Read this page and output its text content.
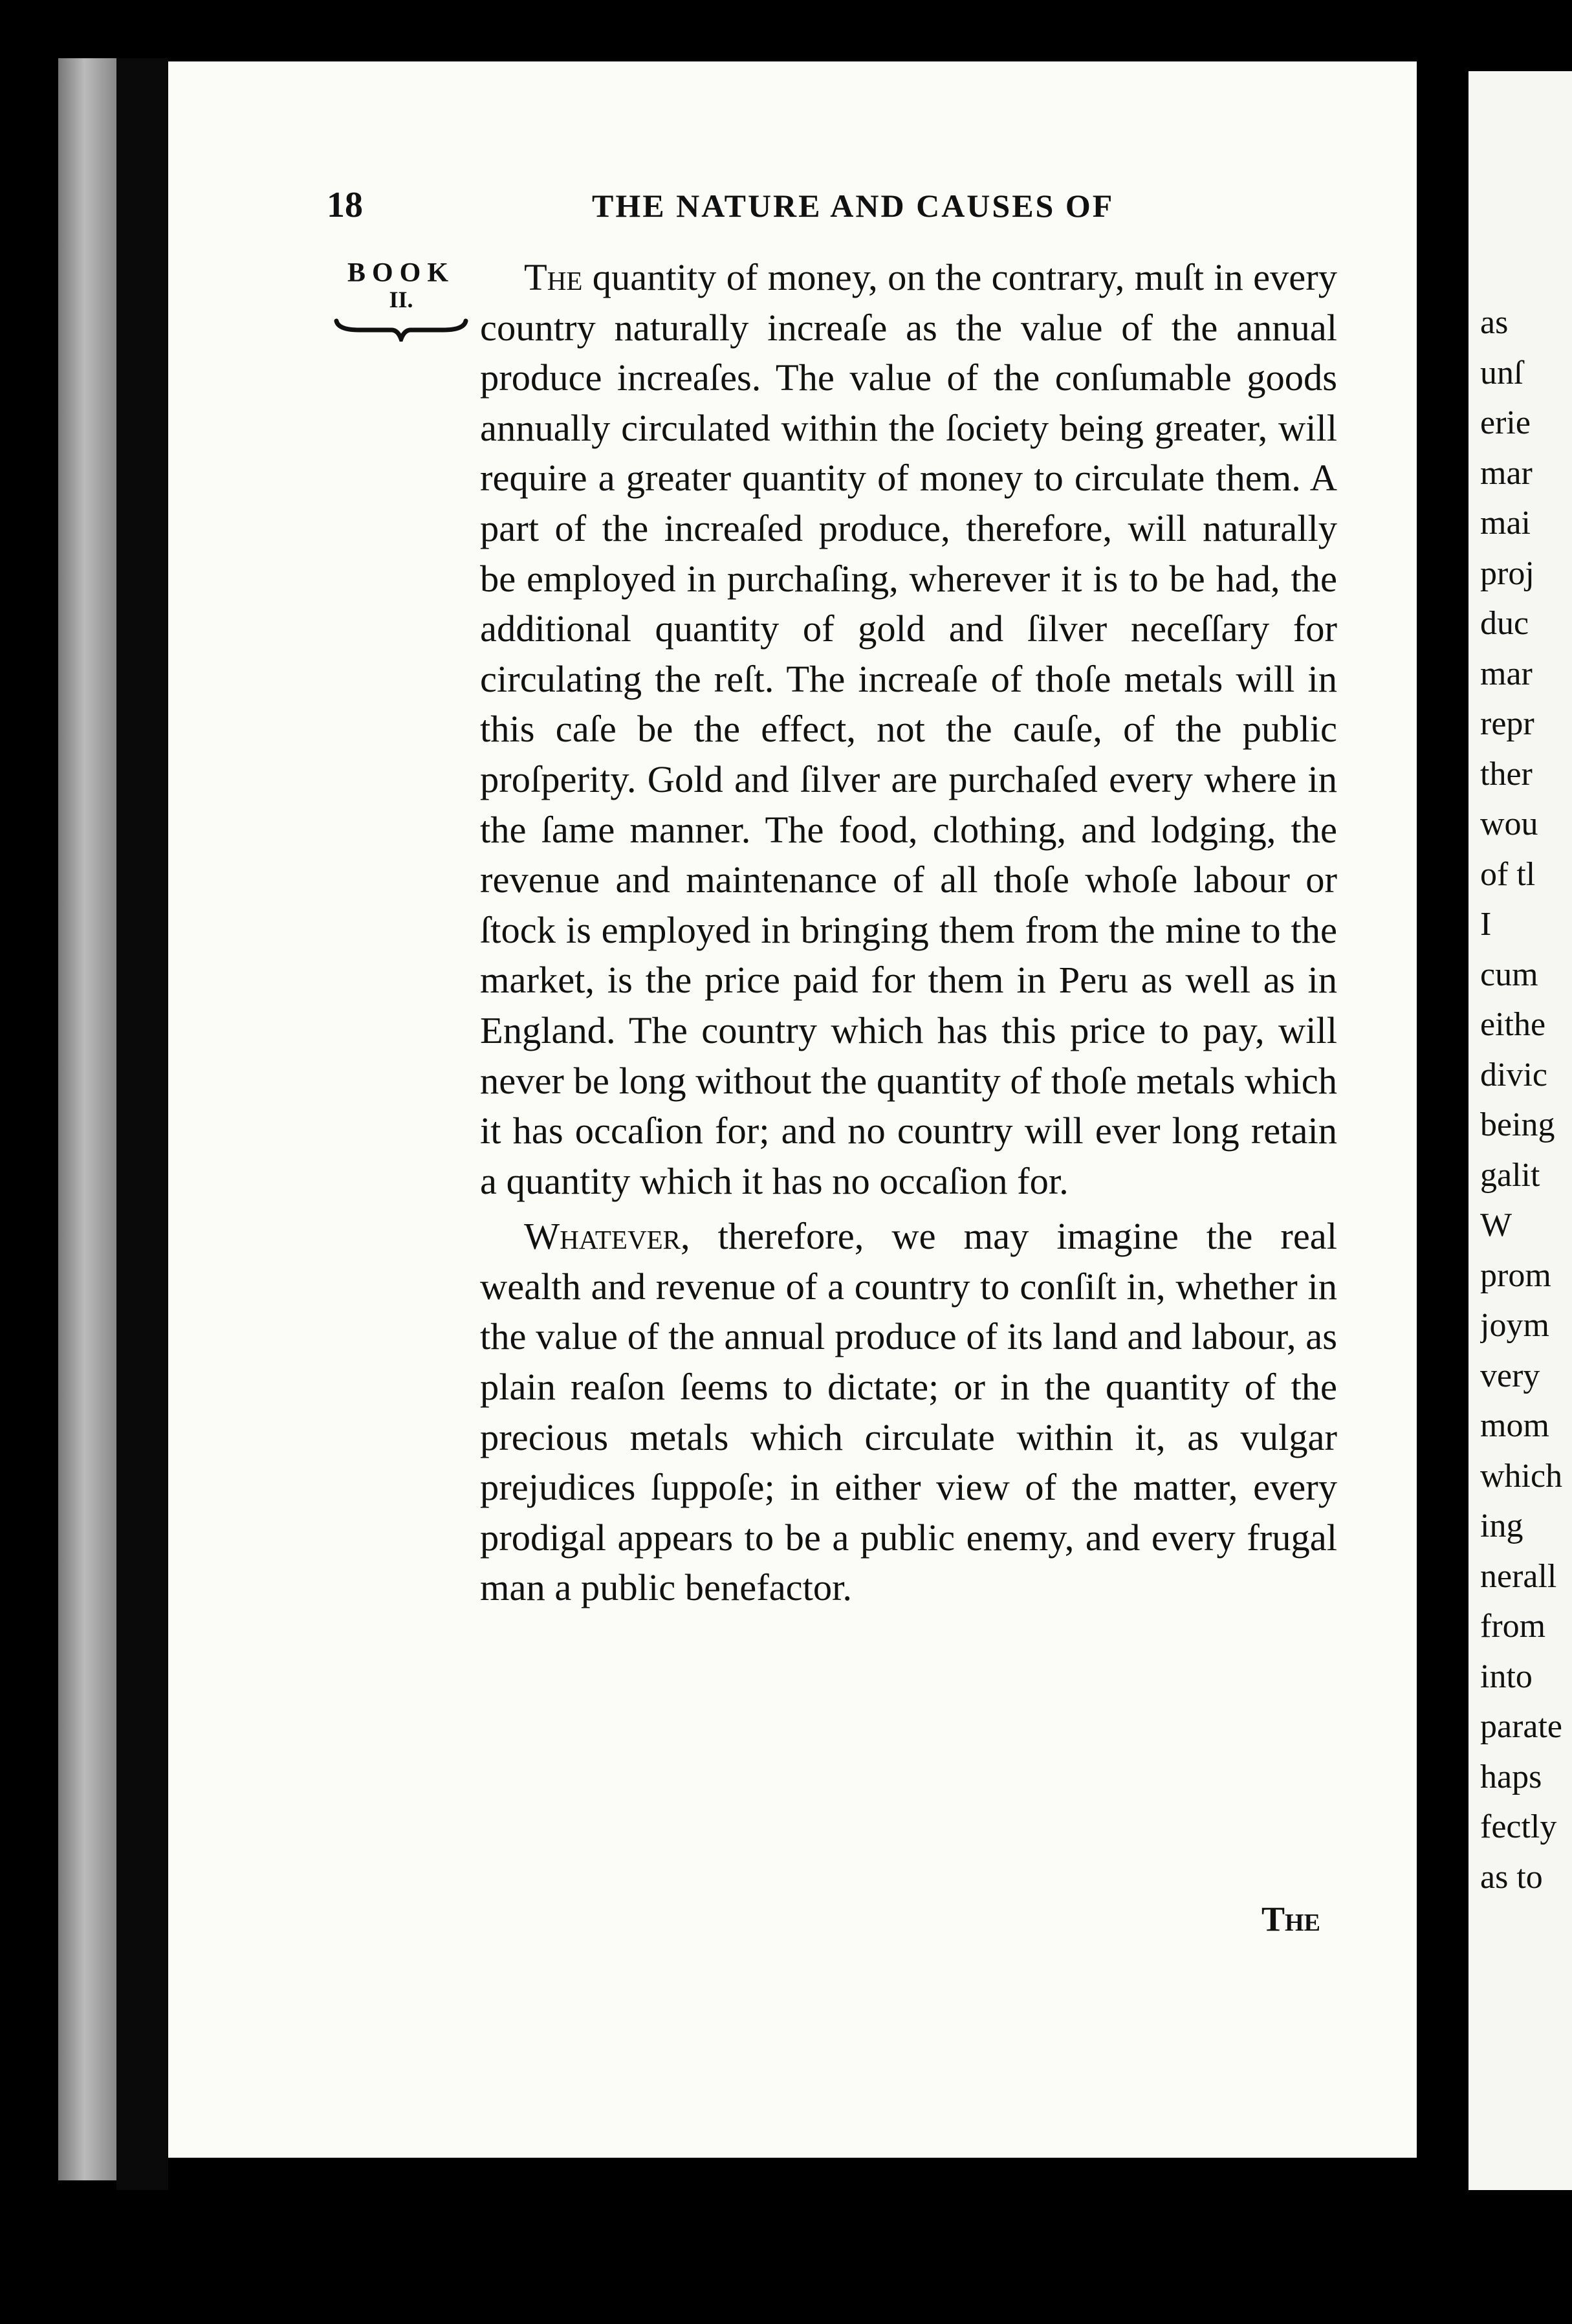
18	THE NATURE AND CAUSES OF
BOOK
II.

The quantity of money, on the contrary, muſt in every country naturally increaſe as the value of the annual produce increaſes. The value of the conſumable goods annually circulated within the ſociety being greater, will require a greater quantity of money to circulate them. A part of the increaſed produce, therefore, will naturally be employed in purchaſing, wherever it is to be had, the additional quantity of gold and ſilver neceſſary for circulating the reſt. The increaſe of thoſe metals will in this caſe be the effect, not the cauſe, of the public proſperity. Gold and ſilver are purchaſed every where in the ſame manner. The food, clothing, and lodging, the revenue and maintenance of all thoſe whoſe labour or ſtock is employed in bringing them from the mine to the market, is the price paid for them in Peru as well as in England. The country which has this price to pay, will never be long without the quantity of thoſe metals which it has occaſion for; and no country will ever long retain a quantity which it has no occaſion for.

Whatever, therefore, we may imagine the real wealth and revenue of a country to conſiſt in, whether in the value of the annual produce of its land and labour, as plain reaſon ſeems to dictate; or in the quantity of the precious metals which circulate within it, as vulgar prejudices ſuppoſe; in either view of the matter, every prodigal appears to be a public enemy, and every frugal man a public benefactor.

The
as
unſ
erie
mar
mai
proj
duc
mar
repr
ther
wou
of tl
I
cum
eithe
divic
being
galit
W
prom
joym
very
mom
which
ing
nerall
from
into
parate
haps
fectly
as to
